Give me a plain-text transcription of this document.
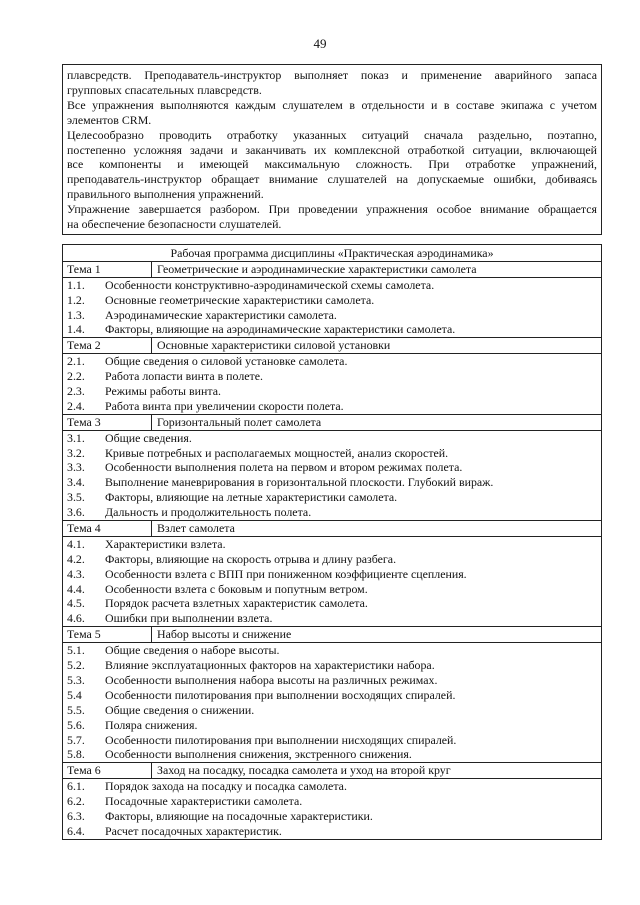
49

плавсредств. Преподаватель-инструктор выполняет показ и применение аварийного запаса

групповых спасательных плавсредств.

Все упражнения выполняются каждым слушателем в отдельности и в составе экипажа с учетом

элементов CRM.

Целесообразно проводить отработку указанных ситуаций сначала раздельно, поэтапно,

постепенно усложняя задачи и заканчивать их комплексной отработкой ситуации, включающей

все компоненты и имеющей максимальную сложность. При отработке упражнений,

преподаватель-инструктор обращает внимание слушателей на допускаемые ошибки, добиваясь

правильного выполнения упражнений.

Упражнение завершается разбором. При проведении упражнения особое внимание обращается

на обеспечение безопасности слушателей.

Рабочая программа дисциплины «Практическая аэродинамика»
Тема 1	Геометрические и аэродинамические характеристики самолета
1.1. Особенности конструктивно-аэродинамической схемы самолета.
1.2. Основные геометрические характеристики самолета.
1.3. Аэродинамические характеристики самолета.
1.4. Факторы, влияющие на аэродинамические характеристики самолета.
Тема 2	Основные характеристики силовой установки
2.1. Общие сведения о силовой установке самолета.
2.2. Работа лопасти винта в полете.
2.3. Режимы работы винта.
2.4. Работа винта при увеличении скорости полета.
Тема 3	Горизонтальный полет самолета
3.1. Общие сведения.
3.2. Кривые потребных и располагаемых мощностей, анализ скоростей.
3.3. Особенности выполнения полета на первом и втором режимах полета.
3.4. Выполнение маневрирования в горизонтальной плоскости. Глубокий вираж.
3.5. Факторы, влияющие на летные характеристики самолета.
3.6. Дальность и продолжительность полета.
Тема 4	Взлет самолета
4.1. Характеристики взлета.
4.2. Факторы, влияющие на скорость отрыва и длину разбега.
4.3. Особенности взлета с ВПП при пониженном коэффициенте сцепления.
4.4. Особенности взлета с боковым и попутным ветром.
4.5. Порядок расчета взлетных характеристик самолета.
4.6. Ошибки при выполнении взлета.
Тема 5	Набор высоты и снижение
5.1. Общие сведения о наборе высоты.
5.2. Влияние эксплуатационных факторов на характеристики набора.
5.3. Особенности выполнения набора высоты на различных режимах.
5.4 Особенности пилотирования при выполнении восходящих спиралей.
5.5. Общие сведения о снижении.
5.6. Поляра снижения.
5.7. Особенности пилотирования при выполнении нисходящих спиралей.
5.8. Особенности выполнения снижения, экстренного снижения.
Тема 6	Заход на посадку, посадка самолета и уход на второй круг
6.1. Порядок захода на посадку и посадка самолета.
6.2. Посадочные характеристики самолета.
6.3. Факторы, влияющие на посадочные характеристики.
6.4. Расчет посадочных характеристик.
